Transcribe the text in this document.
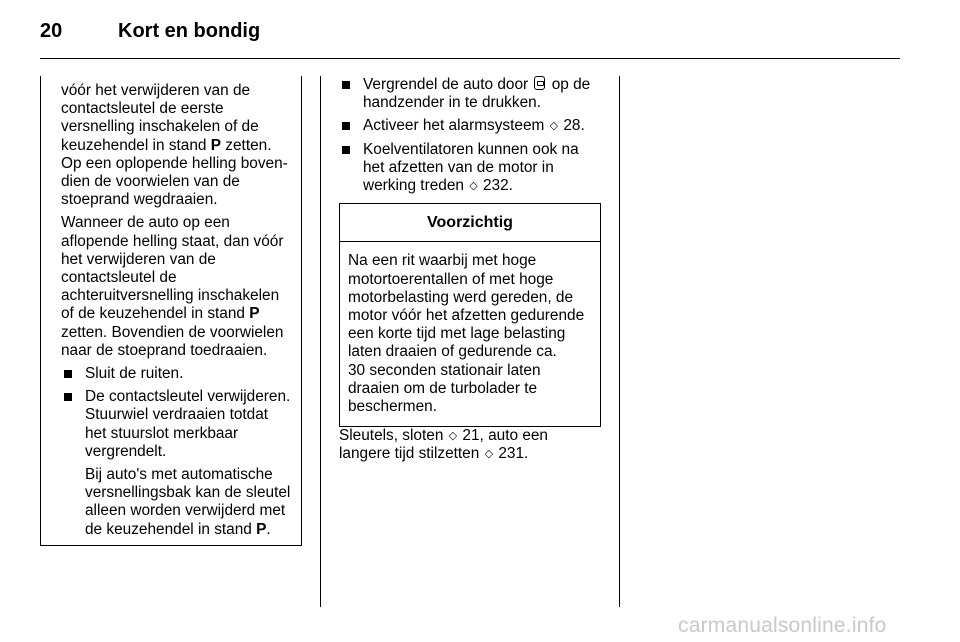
20	Kort en bondig

vóór het verwijderen van de contactsleutel de eerste versnelling inschakelen of de keuzehendel in stand P zetten. Op een oplopende helling boven- dien de voorwielen van de stoeprand wegdraaien.

Wanneer de auto op een aflopende helling staat, dan vóór het verwijderen van de contactsleutel de achteruitversnelling inschakelen of de keuzehendel in stand P zetten. Bovendien de voorwielen naar de stoeprand toedraaien.

Sluit de ruiten.

De contactsleutel verwijderen. Stuurwiel verdraaien totdat het stuurslot merkbaar vergrendelt.

Bij auto's met automatische versnellingsbak kan de sleutel alleen worden verwijderd met de keuzehendel in stand P.

Vergrendel de auto door  op de handzender in te drukken.

Activeer het alarmsysteem ◇ 28.

Koelventilatoren kunnen ook na het afzetten van de motor in werking treden ◇ 232.

Voorzichtig

Na een rit waarbij met hoge motortoerentallen of met hoge motorbelasting werd gereden, de motor vóór het afzetten gedurende een korte tijd met lage belasting laten draaien of gedurende ca.

30 seconden stationair laten draaien om de turbolader te beschermen.

Sleutels, sloten ◇ 21, auto een langere tijd stilzetten ◇ 231.

carmanualsonline.info
